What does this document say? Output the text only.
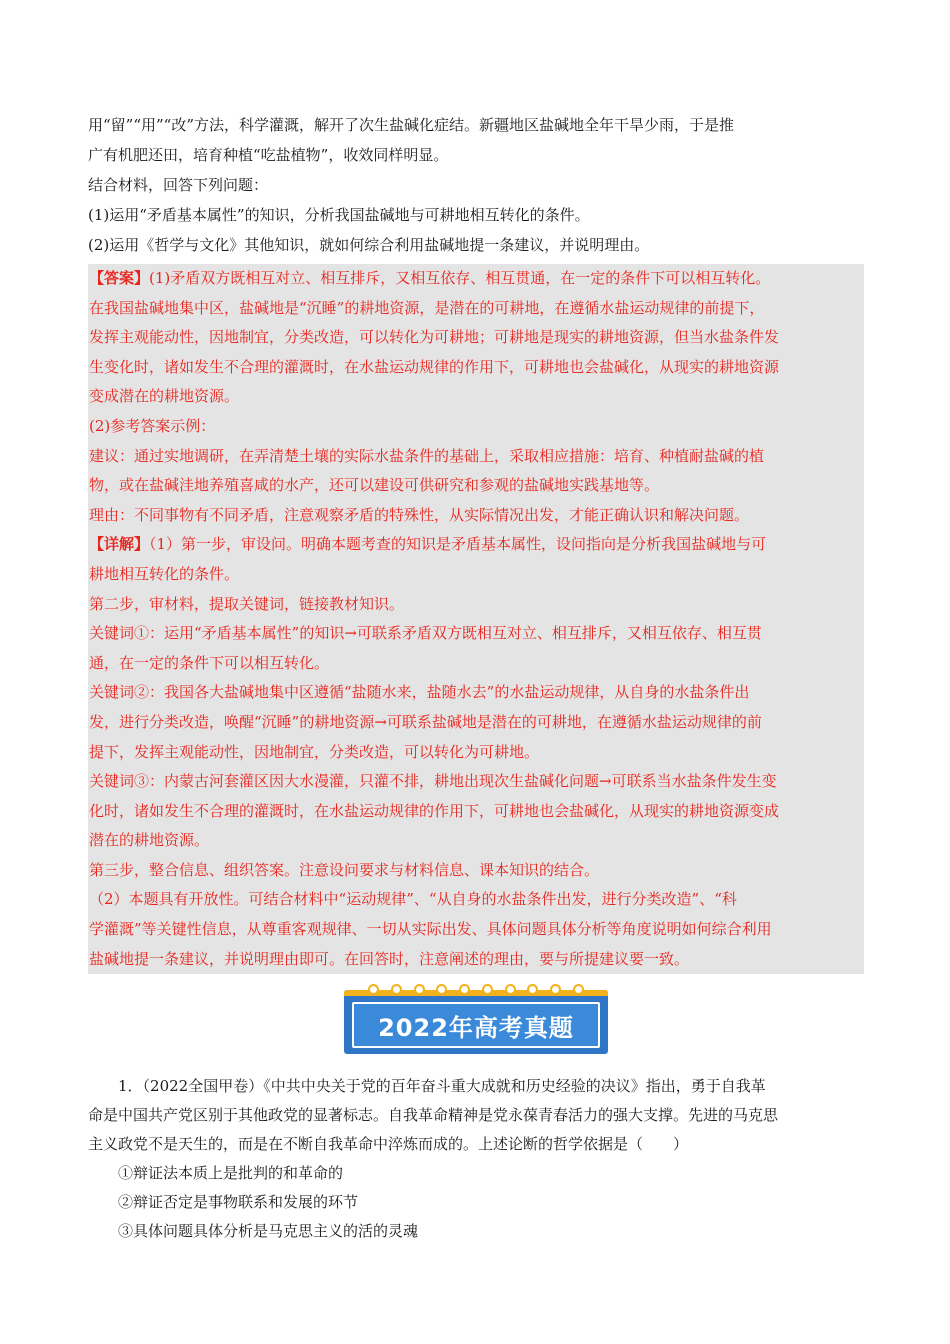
用“留”“用”“改”方法，科学灌溉，解开了次生盐碱化症结。新疆地区盐碱地全年干旱少雨，于是推
广有机肥还田，培育种植“吃盐植物”，收效同样明显。
结合材料，回答下列问题：
(1)运用“矛盾基本属性”的知识，分析我国盐碱地与可耕地相互转化的条件。
(2)运用《哲学与文化》其他知识，就如何综合利用盐碱地提一条建议，并说明理由。
【答案】(1)矛盾双方既相互对立、相互排斥，又相互依存、相互贯通，在一定的条件下可以相互转化。
在我国盐碱地集中区，盐碱地是“沉睡”的耕地资源，是潜在的可耕地，在遵循水盐运动规律的前提下，
发挥主观能动性，因地制宜，分类改造，可以转化为可耕地；可耕地是现实的耕地资源，但当水盐条件发
生变化时，诸如发生不合理的灌溉时，在水盐运动规律的作用下，可耕地也会盐碱化，从现实的耕地资源
变成潜在的耕地资源。
(2)参考答案示例：
建议：通过实地调研，在弄清楚土壤的实际水盐条件的基础上，采取相应措施：培育、种植耐盐碱的植
物，或在盐碱洼地养殖喜咸的水产，还可以建设可供研究和参观的盐碱地实践基地等。
理由：不同事物有不同矛盾，注意观察矛盾的特殊性，从实际情况出发，才能正确认识和解决问题。
【详解】（1）第一步，审设问。明确本题考查的知识是矛盾基本属性，设问指向是分析我国盐碱地与可
耕地相互转化的条件。
第二步，审材料，提取关键词，链接教材知识。
关键词①：运用“矛盾基本属性”的知识→可联系矛盾双方既相互对立、相互排斥，又相互依存、相互贯
通，在一定的条件下可以相互转化。
关键词②：我国各大盐碱地集中区遵循“盐随水来，盐随水去”的水盐运动规律，从自身的水盐条件出
发，进行分类改造，唤醒“沉睡”的耕地资源→可联系盐碱地是潜在的可耕地，在遵循水盐运动规律的前
提下，发挥主观能动性，因地制宜，分类改造，可以转化为可耕地。
关键词③：内蒙古河套灌区因大水漫灌，只灌不排，耕地出现次生盐碱化问题→可联系当水盐条件发生变
化时，诸如发生不合理的灌溉时，在水盐运动规律的作用下，可耕地也会盐碱化，从现实的耕地资源变成
潜在的耕地资源。
第三步，整合信息、组织答案。注意设问要求与材料信息、课本知识的结合。
（2）本题具有开放性。可结合材料中“运动规律”、“从自身的水盐条件出发，进行分类改造”、“科
学灌溉”等关键性信息，从尊重客观规律、一切从实际出发、具体问题具体分析等角度说明如何综合利用
盐碱地提一条建议，并说明理由即可。在回答时，注意阐述的理由，要与所提建议要一致。
2022年高考真题
1．（2022全国甲卷）《中共中央关于党的百年奋斗重大成就和历史经验的决议》指出，勇于自我革
命是中国共产党区别于其他政党的显著标志。自我革命精神是党永葆青春活力的强大支撑。先进的马克思
主义政党不是天生的，而是在不断自我革命中淬炼而成的。上述论断的哲学依据是（　　）
①辩证法本质上是批判的和革命的
②辩证否定是事物联系和发展的环节
③具体问题具体分析是马克思主义的活的灵魂
